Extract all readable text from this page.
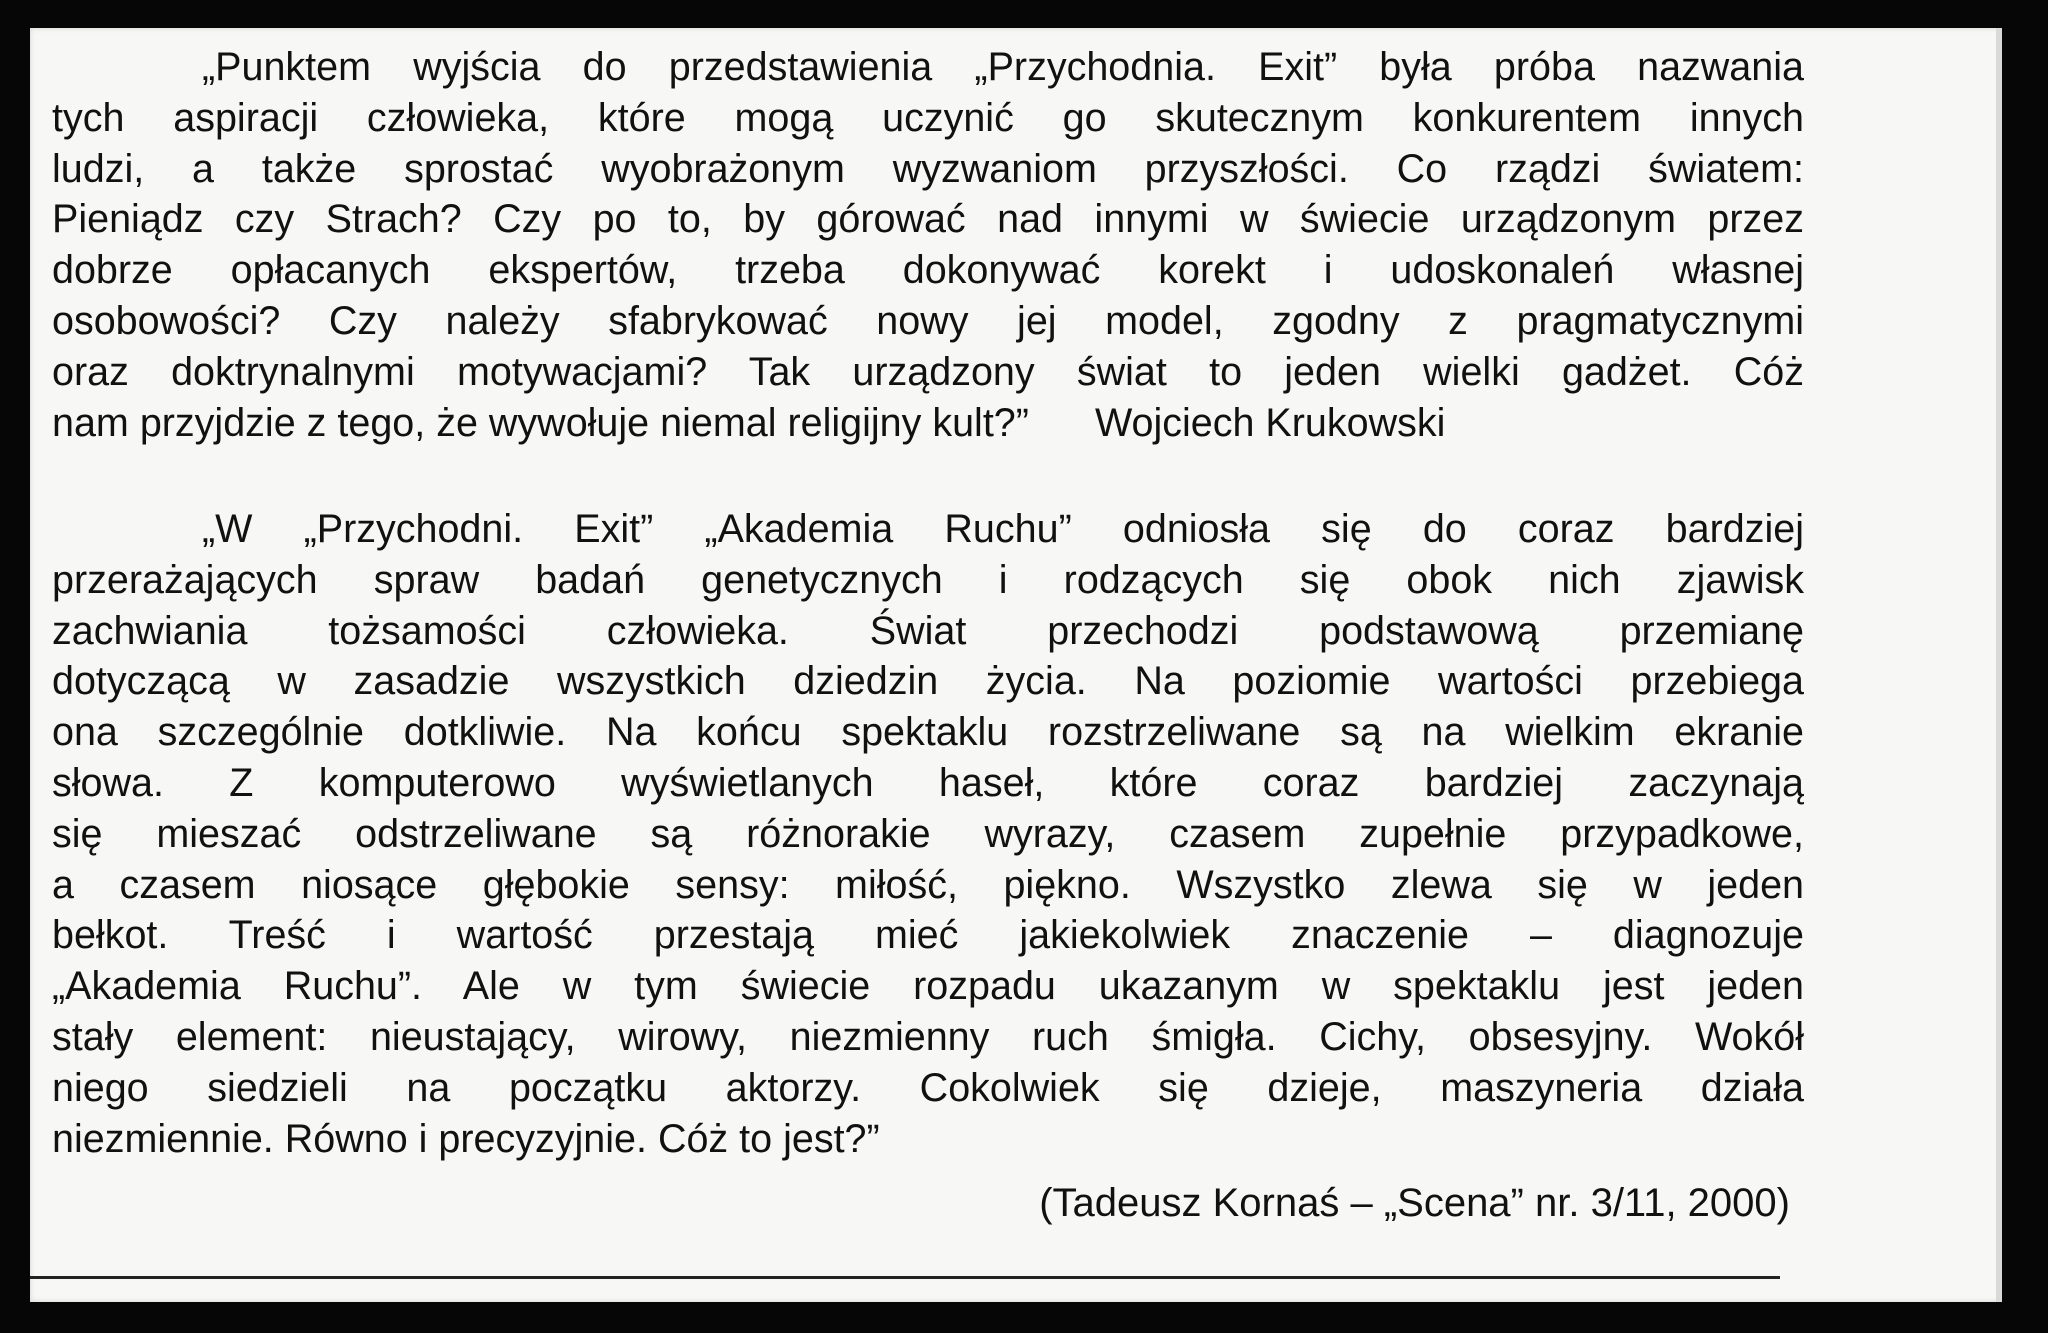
„Punktem wyjścia do przedstawienia „Przychodnia. Exit” była próba nazwania
tych aspiracji człowieka, które mogą uczynić go skutecznym konkurentem innych
ludzi, a także sprostać wyobrażonym wyzwaniom przyszłości. Co rządzi światem:
Pieniądz czy Strach? Czy po to, by górować nad innymi w świecie urządzonym przez
dobrze opłacanych ekspertów, trzeba dokonywać korekt i udoskonaleń własnej
osobowości? Czy należy sfabrykować nowy jej model, zgodny z pragmatycznymi
oraz doktrynalnymi motywacjami? Tak urządzony świat to jeden wielki gadżet. Cóż
nam przyjdzie z tego, że wywołuje niemal religijny kult?” Wojciech Krukowski
„W „Przychodni. Exit” „Akademia Ruchu” odniosła się do coraz bardziej
przerażających spraw badań genetycznych i rodzących się obok nich zjawisk
zachwiania tożsamości człowieka. Świat przechodzi podstawową przemianę
dotyczącą w zasadzie wszystkich dziedzin życia. Na poziomie wartości przebiega
ona szczególnie dotkliwie. Na końcu spektaklu rozstrzeliwane są na wielkim ekranie
słowa. Z komputerowo wyświetlanych haseł, które coraz bardziej zaczynają
się mieszać odstrzeliwane są różnorakie wyrazy, czasem zupełnie przypadkowe,
a czasem niosące głębokie sensy: miłość, piękno. Wszystko zlewa się w jeden
bełkot. Treść i wartość przestają mieć jakiekolwiek znaczenie – diagnozuje
„Akademia Ruchu”. Ale w tym świecie rozpadu ukazanym w spektaklu jest jeden
stały element: nieustający, wirowy, niezmienny ruch śmigła. Cichy, obsesyjny. Wokół
niego siedzieli na początku aktorzy. Cokolwiek się dzieje, maszyneria działa
niezmiennie. Równo i precyzyjnie. Cóż to jest?”
(Tadeusz Kornaś – „Scena” nr. 3/11, 2000)
